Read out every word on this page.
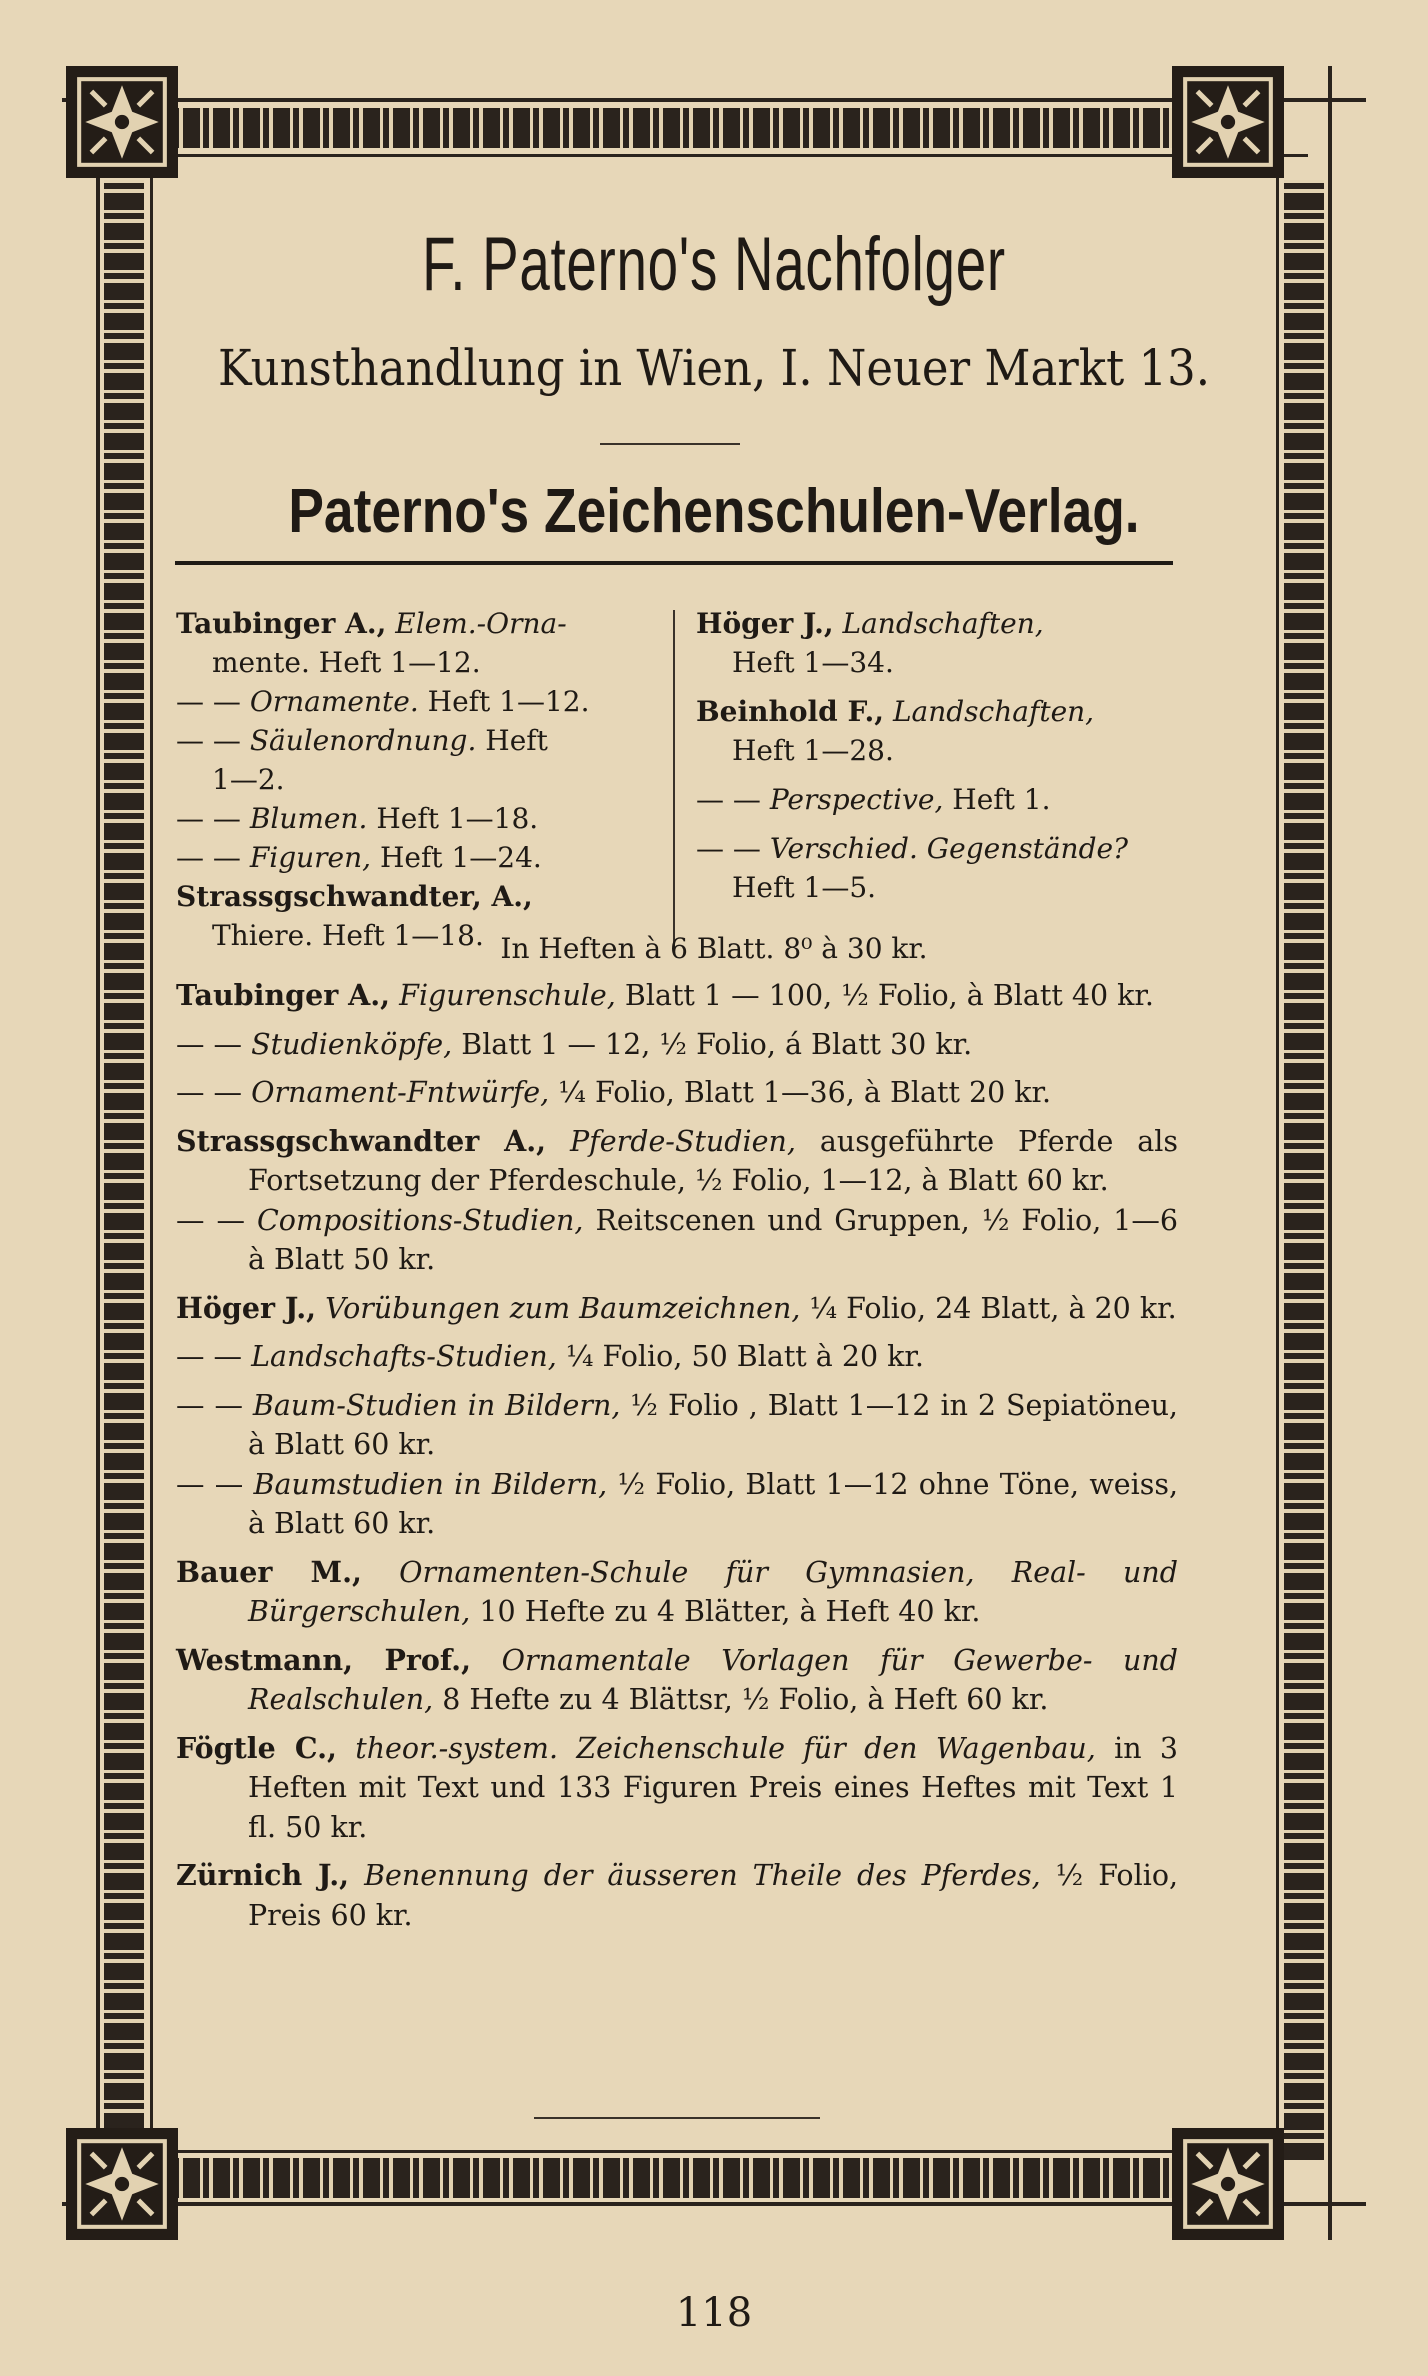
F. Paterno's Nachfolger
Kunsthandlung in Wien, I. Neuer Markt 13.
Paterno's Zeichenschulen-Verlag.

Taubinger A., Elem.-Orna-
mente. Heft 1—12.

— — Ornamente. Heft 1—12.

— — Säulenordnung. Heft
1—2.

— — Blumen. Heft 1—18.

— — Figuren, Heft 1—24.

Strassgschwandter, A.,
Thiere. Heft 1—18.

Höger J., Landschaften,
Heft 1—34.

Beinhold F., Landschaften,
Heft 1—28.

— — Perspective, Heft 1.

— — Verschied. Gegenstände?
Heft 1—5.

In Heften à 6 Blatt. 8⁰ à 30 kr.

Taubinger A., Figurenschule, Blatt 1 — 100, ½ Folio, à Blatt 40 kr.

— — Studienköpfe, Blatt 1 — 12, ½ Folio, á Blatt 30 kr.

— — Ornament-Fntwürfe, ¼ Folio, Blatt 1—36, à Blatt 20 kr.

Strassgschwandter A., Pferde-Studien, ausgeführte Pferde als Fortsetzung der Pferdeschule, ½ Folio, 1—12, à Blatt 60 kr.

— — Compositions-Studien, Reitscenen und Gruppen, ½ Folio, 1—6 à Blatt 50 kr.

Höger J., Vorübungen zum Baumzeichnen, ¼ Folio, 24 Blatt, à 20 kr.

— — Landschafts-Studien, ¼ Folio, 50 Blatt à 20 kr.

— — Baum-Studien in Bildern, ½ Folio , Blatt 1—12 in 2 Sepiatöneu, à Blatt 60 kr.

— — Baumstudien in Bildern, ½ Folio, Blatt 1—12 ohne Töne, weiss, à Blatt 60 kr.

Bauer M., Ornamenten-Schule für Gymnasien, Real- und Bürgerschulen, 10 Hefte zu 4 Blätter, à Heft 40 kr.

Westmann, Prof., Ornamentale Vorlagen für Gewerbe- und Realschulen, 8 Hefte zu 4 Blättsr, ½ Folio, à Heft 60 kr.

Fögtle C., theor.-system. Zeichenschule für den Wagenbau, in 3 Heften mit Text und 133 Figuren Preis eines Heftes mit Text 1 fl. 50 kr.

Zürnich J., Benennung der äusseren Theile des Pferdes, ½ Folio, Preis 60 kr.

118
